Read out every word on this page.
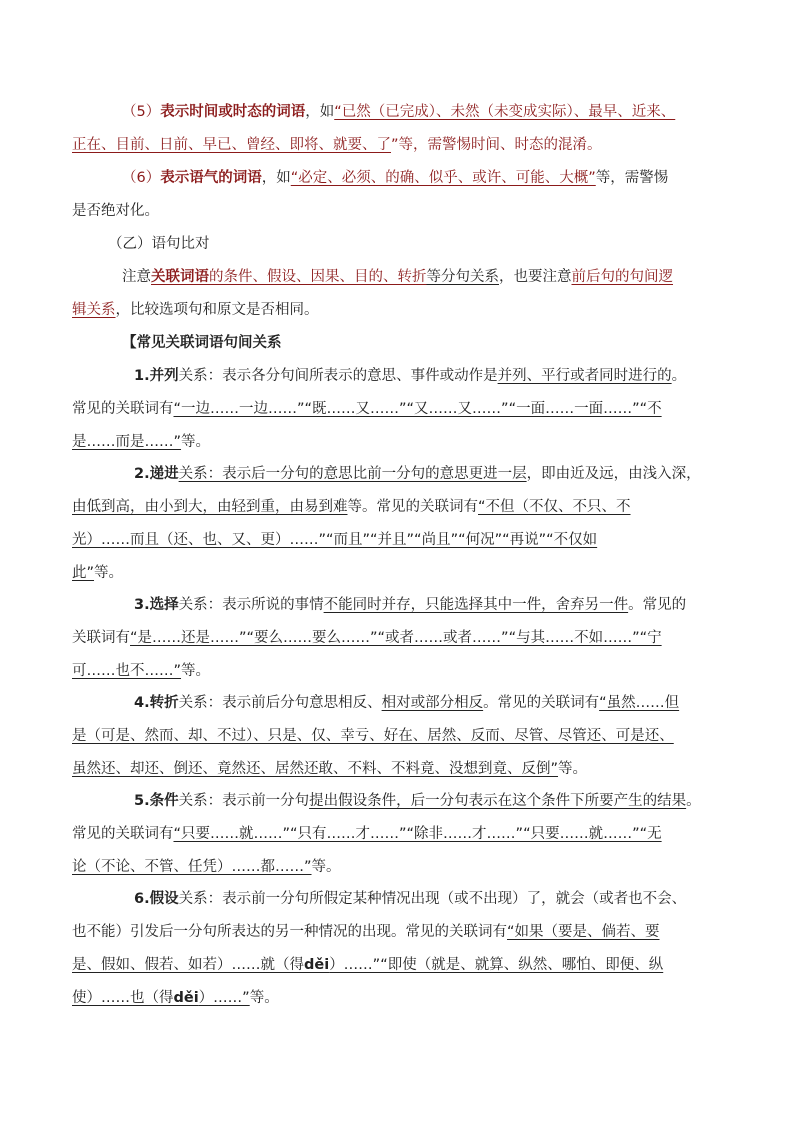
（5）表示时间或时态的词语，如“已然（已完成）、未然（未变成实际）、最早、近来、
正在、目前、日前、早已、曾经、即将、就要、了”等，需警惕时间、时态的混淆。
（6）表示语气的词语，如“必定、必须、的确、似乎、或许、可能、大概”等，需警惕
是否绝对化。
（乙）语句比对
注意关联词语的条件、假设、因果、目的、转折等分句关系，也要注意前后句的句间逻
辑关系，比较选项句和原文是否相同。
【常见关联词语句间关系
1.并列关系：表示各分句间所表示的意思、事件或动作是并列、平行或者同时进行的。
常见的关联词有“一边……一边……”“既……又……”“又……又……”“一面……一面……”“不
是……而是……”等。
2.递进关系：表示后一分句的意思比前一分句的意思更进一层，即由近及远，由浅入深，
由低到高，由小到大，由轻到重，由易到难等。常见的关联词有“不但（不仅、不只、不
光）……而且（还、也、又、更）……”“而且”“并且”“尚且”“何况”“再说”“不仅如
此”等。
3.选择关系：表示所说的事情不能同时并存，只能选择其中一件，舍弃另一件。常见的
关联词有“是……还是……”“要么……要么……”“或者……或者……”“与其……不如……”“宁
可……也不……”等。
4.转折关系：表示前后分句意思相反、相对或部分相反。常见的关联词有“虽然……但
是（可是、然而、却、不过）、只是、仅、幸亏、好在、居然、反而、尽管、尽管还、可是还、
虽然还、却还、倒还、竟然还、居然还敢、不料、不料竟、没想到竟、反倒”等。
5.条件关系：表示前一分句提出假设条件，后一分句表示在这个条件下所要产生的结果。
常见的关联词有“只要……就……”“只有……才……”“除非……才……”“只要……就……”“无
论（不论、不管、任凭）……都……”等。
6.假设关系：表示前一分句所假定某种情况出现（或不出现）了，就会（或者也不会、
也不能）引发后一分句所表达的另一种情况的出现。常见的关联词有“如果（要是、倘若、要
是、假如、假若、如若）……就（得děi）……”“即使（就是、就算、纵然、哪怕、即便、纵
使）……也（得děi）……”等。
